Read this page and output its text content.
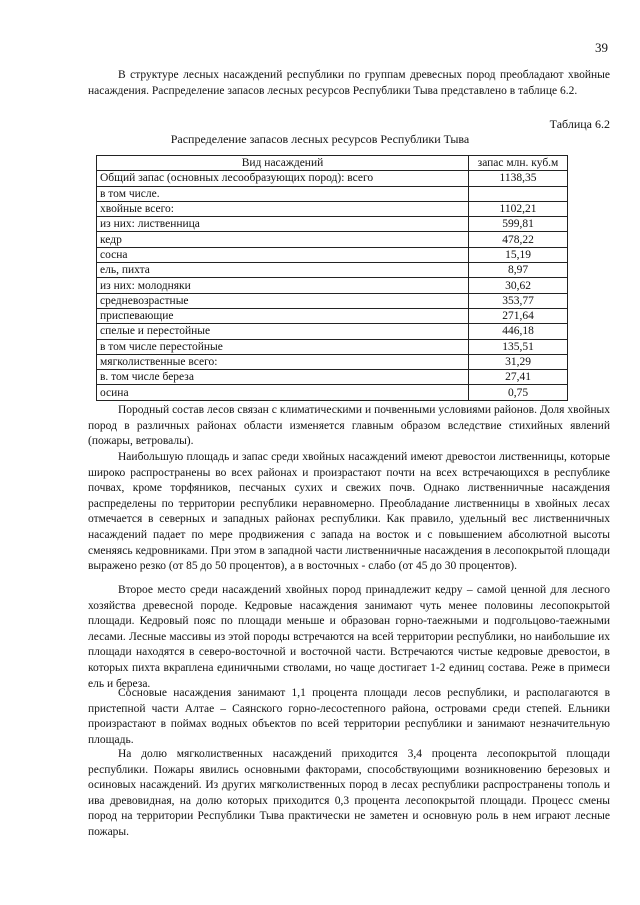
39

В структуре лесных насаждений республики по группам древесных пород преобладают хвойные насаждения. Распределение запасов лесных ресурсов Республики Тыва представлено в таблице 6.2.

Таблица 6.2
Распределение запасов лесных ресурсов Республики Тыва
Вид насаждений	запас млн. куб.м
Общий запас (основных лесообразующих пород): всего	1138,35
в том числе.	
хвойные всего:	1102,21
из них: лиственница	599,81
кедр	478,22
сосна	15,19
ель, пихта	8,97
из них: молодняки	30,62
средневозрастные	353,77
приспевающие	271,64
спелые и перестойные	446,18
в том числе перестойные	135,51
мягколиственные всего:	31,29
в. том числе береза	27,41
осина	0,75

Породный состав лесов связан с климатическими и почвенными условиями районов. Доля хвойных пород в различных районах области изменяется главным образом вследствие стихийных явлений (пожары, ветровалы).

Наибольшую площадь и запас среди хвойных насаждений имеют древостои лиственницы, которые широко распространены во всех районах и произрастают почти на всех встречающихся в республике почвах, кроме торфяников, песчаных сухих и свежих почв. Однако лиственничные насаждения распределены по территории республики неравномерно. Преобладание лиственницы в хвойных лесах отмечается в северных и западных районах республики. Как правило, удельный вес лиственничных насаждений падает по мере продвижения с запада на восток и с повышением абсолютной высоты сменяясь кедровниками. При этом в западной части лиственничные насаждения в лесопокрытой площади выражено резко (от 85 до 50 процентов), а в восточных - слабо (от 45 до 30 процентов).

Второе место среди насаждений хвойных пород принадлежит кедру – самой ценной для лесного хозяйства древесной породе. Кедровые насаждения занимают чуть менее половины лесопокрытой площади. Кедровый пояс по площади меньше и образован горно-таежными и подгольцово-таежными лесами. Лесные массивы из этой породы встречаются на всей территории республики, но наибольшие их площади находятся в северо-восточной и восточной части. Встречаются чистые кедровые древостои, в которых пихта вкраплена единичными стволами, но чаще достигает 1-2 единиц состава. Реже в примеси ель и береза.

Сосновые насаждения занимают 1,1 процента площади лесов республики, и располагаются в пристепной части Алтае – Саянского горно-лесостепного района, островами среди степей. Ельники произрастают в поймах водных объектов по всей территории республики и занимают незначительную площадь.

На долю мягколиственных насаждений приходится 3,4 процента лесопокрытой площади республики. Пожары явились основными факторами, способствующими возникновению березовых и осиновых насаждений. Из других мягколиственных пород в лесах республики распространены тополь и ива древовидная, на долю которых приходится 0,3 процента лесопокрытой площади. Процесс смены пород на территории Республики Тыва практически не заметен и основную роль в нем играют лесные пожары.
